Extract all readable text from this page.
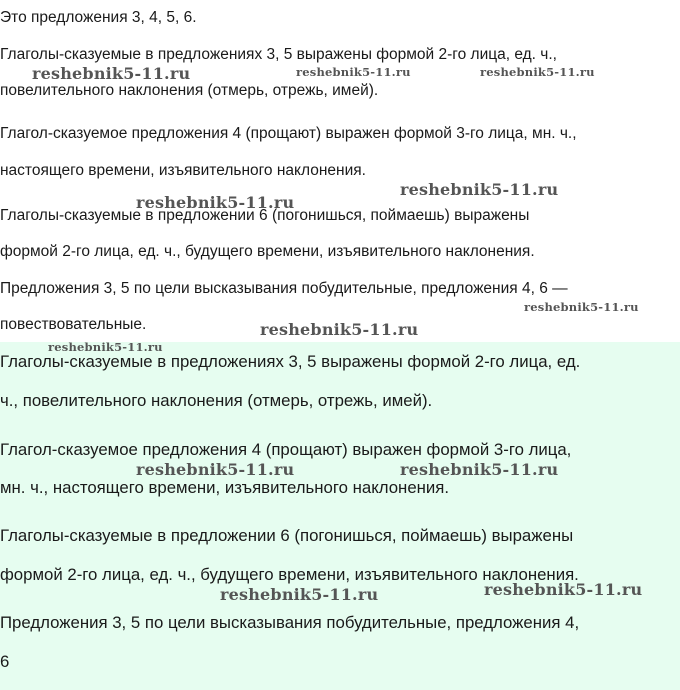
Это предложения 3, 4, 5, 6.
Глаголы-сказуемые в предложениях 3, 5 выражены формой 2-го лица, ед. ч.,
повелительного наклонения (отмерь, отрежь, имей).
Глагол-сказуемое предложения 4 (прощают) выражен формой 3-го лица, мн. ч.,
настоящего времени, изъявительного наклонения.
Глаголы-сказуемые в предложении 6 (погонишься, поймаешь) выражены
формой 2-го лица, ед. ч., будущего времени, изъявительного наклонения.
Предложения 3, 5 по цели высказывания побудительные, предложения 4, 6 —
повествовательные.
Глаголы-сказуемые в предложениях 3, 5 выражены формой 2-го лица, ед.
ч., повелительного наклонения (отмерь, отрежь, имей).
Глагол-сказуемое предложения 4 (прощают) выражен формой 3-го лица,
мн. ч., настоящего времени, изъявительного наклонения.
Глаголы-сказуемые в предложении 6 (погонишься, поймаешь) выражены
формой 2-го лица, ед. ч., будущего времени, изъявительного наклонения.
Предложения 3, 5 по цели высказывания побудительные, предложения 4,
6
reshebnik5-11.ru	reshebnik5-11.ru	reshebnik5-11.ru
reshebnik5-11.ru
reshebnik5-11.ru
reshebnik5-11.ru
reshebnik5-11.ru
reshebnik5-11.ru
reshebnik5-11.ru	reshebnik5-11.ru
reshebnik5-11.ru
reshebnik5-11.ru
